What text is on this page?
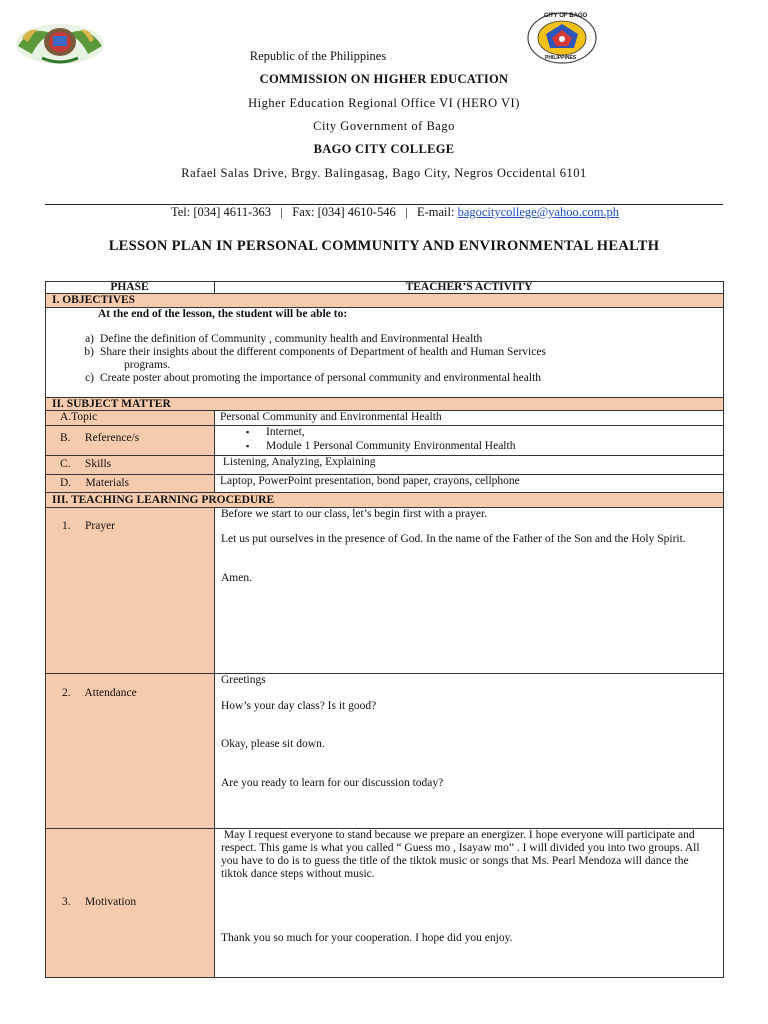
CITY OF BAGO
PHILIPPINES
Republic of the Philippines
COMMISSION ON HIGHER EDUCATION
Higher Education Regional Office VI (HERO VI)
City Government of Bago
BAGO CITY COLLEGE
Rafael Salas Drive, Brgy. Balingasag, Bago City, Negros Occidental 6101

Tel: [034] 4611-363   |   Fax: [034] 4610-546   |   E-mail: bagocitycollege@yahoo.com.ph

LESSON PLAN IN PERSONAL COMMUNITY AND ENVIRONMENTAL HEALTH
PHASE	TEACHER’S ACTIVITY
I. OBJECTIVES
At the end of the lesson, the student will be able to:
a) Define the definition of Community , community health and Environmental Health
b) Share their insights about the different components of Department of health and Human Services
programs.
c) Create poster about promoting the importance of personal community and environmental health
II. SUBJECT MATTER
A.Topic	Personal Community and Environmental Health
B.     Reference/s
▪	Internet,
▪ Module 1 Personal Community Environmental Health
C.     Skills	Listening, Analyzing, Explaining
D.     Materials	Laptop, PowerPoint presentation, bond paper, crayons, cellphone
III. TEACHING LEARNING PROCEDURE
1.     Prayer
Before we start to our class, let’s begin first with a prayer.
Let us put ourselves in the presence of God. In the name of the Father of the Son and the Holy Spirit.
Amen.
2.     Attendance
Greetings
How’s your day class? Is it good?
Okay, please sit down.
Are you ready to learn for our discussion today?
3.     Motivation
May I request everyone to stand because we prepare an energizer. I hope everyone will participate and respect. This game is what you called “ Guess mo , Isayaw mo” . I will divided you into two groups. All you have to do is to guess the title of the tiktok music or songs that Ms. Pearl Mendoza will dance the tiktok dance steps without music.
Thank you so much for your cooperation. I hope did you enjoy.
